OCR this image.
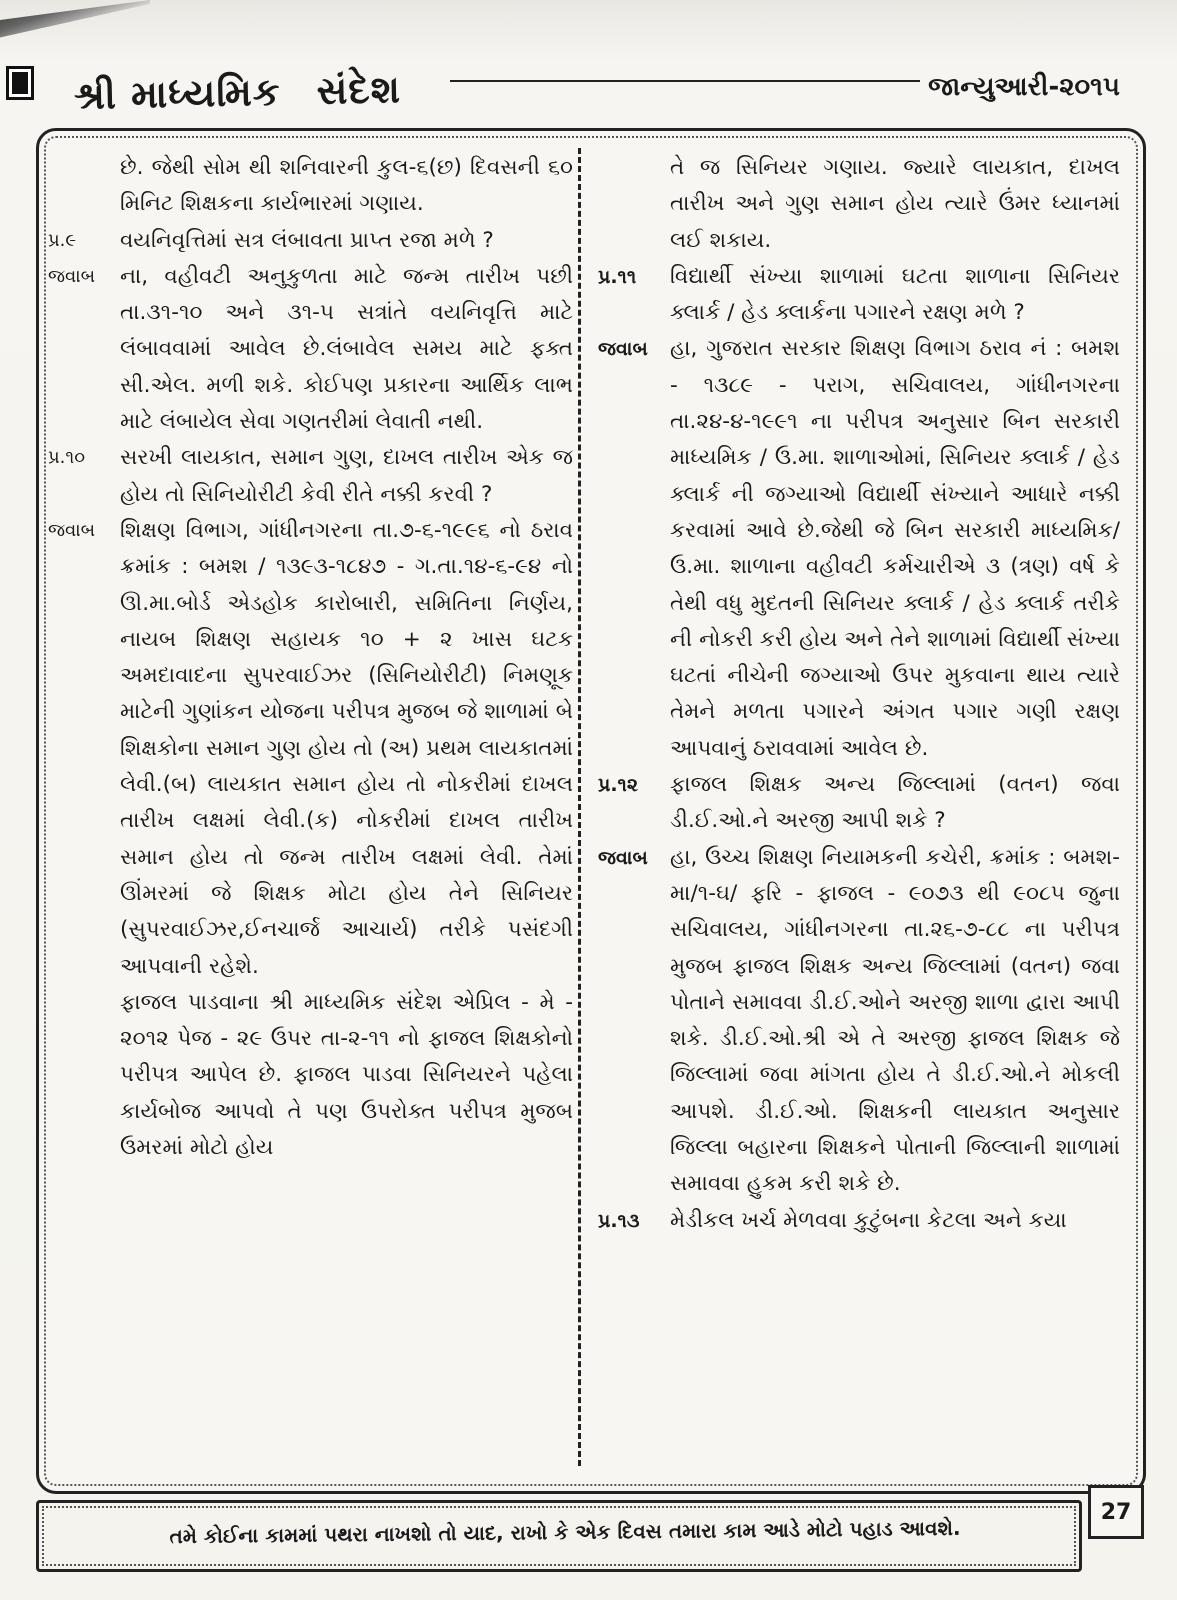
શ્રી માધ્યમિક સંદેશ	જાન્યુઆરી-૨૦૧૫
છે. જેથી સોમ થી શનિવારની કુલ-૬(છ) દિવસની ૬૦ મિનિટ શિક્ષકના કાર્યભારમાં ગણાય.
પ્ર.૯	વયનિવૃત્તિમાં સત્ર લંબાવતા પ્રાપ્ત રજા મળે ?
જવાબ	ના, વહીવટી અનુકુળતા માટે જન્મ તારીખ પછી તા.૩૧-૧૦ અને ૩૧-૫ સત્રાંતે વયનિવૃત્તિ માટે લંબાવવામાં આવેલ છે.લંબાવેલ સમય માટે ફક્ત સી.એલ. મળી શકે. કોઈપણ પ્રકારના આર્થિક લાભ માટે લંબાયેલ સેવા ગણતરીમાં લેવાતી નથી.
પ્ર.૧૦	સરખી લાયકાત, સમાન ગુણ, દાખલ તારીખ એક જ હોય તો સિનિયોરીટી કેવી રીતે નક્કી કરવી ?
જવાબ	શિક્ષણ વિભાગ, ગાંધીનગરના તા.૭-૬-૧૯૯૬ નો ઠરાવ ક્રમાંક : બમશ / ૧૩૯૩-૧૮૪૭ - ગ.તા.૧૪-૬-૯૪ નો ઊ.મા.બોર્ડ એડહોક કારોબારી, સમિતિના નિર્ણય, નાયબ શિક્ષણ સહાયક ૧૦ + ૨ ખાસ ઘટક અમદાવાદના સુપરવાઈઝર (સિનિયોરીટી) નિમણૂક માટેની ગુણાંકન યોજના પરીપત્ર મુજબ જે શાળામાં બે શિક્ષકોના સમાન ગુણ હોય તો (અ) પ્રથમ લાયકાતમાં લેવી.(બ) લાયકાત સમાન હોય તો નોકરીમાં દાખલ તારીખ લક્ષમાં લેવી.(ક) નોકરીમાં દાખલ તારીખ સમાન હોય તો જન્મ તારીખ લક્ષમાં લેવી. તેમાં ઊંમરમાં જે શિક્ષક મોટા હોય તેને સિનિયર (સુપરવાઈઝર,ઈનચાર્જ આચાર્ય) તરીકે પસંદગી આપવાની રહેશે.
ફાજલ પાડવાના શ્રી માધ્યમિક સંદેશ એપ્રિલ - મે - ૨૦૧૨ પેજ - ૨૯ ઉપર તા-૨-૧૧ નો ફાજલ શિક્ષકોનો પરીપત્ર આપેલ છે. ફાજલ પાડવા સિનિયરને પહેલા કાર્યબોજ આપવો તે પણ ઉપરોક્ત પરીપત્ર મુજબ ઉમરમાં મોટો હોય
તે જ સિનિયર ગણાય. જ્યારે લાયકાત, દાખલ તારીખ અને ગુણ સમાન હોય ત્યારે ઉંમર ધ્યાનમાં લઈ શકાય.
પ્ર.૧૧	વિદ્યાર્થી સંખ્યા શાળામાં ઘટતા શાળાના સિનિયર ક્લાર્ક / હેડ ક્લાર્કના પગારને રક્ષણ મળે ?
જવાબ	હા, ગુજરાત સરકાર શિક્ષણ વિભાગ ઠરાવ નં : બમશ - ૧૩૮૯ - પરાગ, સચિવાલય, ગાંધીનગરના તા.૨૪-૪-૧૯૯૧ ના પરીપત્ર અનુસાર બિન સરકારી માધ્યમિક / ઉ.મા. શાળાઓમાં, સિનિયર ક્લાર્ક / હેડ ક્લાર્ક ની જગ્યાઓ વિદ્યાર્થી સંખ્યાને આધારે નક્કી કરવામાં આવે છે.જેથી જે બિન સરકારી માધ્યમિક/ઉ.મા. શાળાના વહીવટી કર્મચારીએ ૩ (ત્રણ) વર્ષ કે તેથી વધુ મુદતની સિનિયર ક્લાર્ક / હેડ ક્લાર્ક તરીકે ની નોકરી કરી હોય અને તેને શાળામાં વિદ્યાર્થી સંખ્યા ઘટતાં નીચેની જગ્યાઓ ઉપર મુકવાના થાય ત્યારે તેમને મળતા પગારને અંગત પગાર ગણી રક્ષણ આપવાનું ઠરાવવામાં આવેલ છે.
પ્ર.૧૨	ફાજલ શિક્ષક અન્ય જિલ્લામાં (વતન) જવા ડી.ઈ.ઓ.ને અરજી આપી શકે ?
જવાબ	હા, ઉચ્ચ શિક્ષણ નિયામકની કચેરી, ક્રમાંક : બમશ-મા/૧-ઘ/ ફરિ - ફાજલ - ૯૦૭૩ થી ૯૦૮૫ જુના સચિવાલય, ગાંધીનગરના તા.૨૬-૭-૮૮ ના પરીપત્ર મુજબ ફાજલ શિક્ષક અન્ય જિલ્લામાં (વતન) જવા પોતાને સમાવવા ડી.ઈ.ઓને અરજી શાળા દ્વારા આપી શકે. ડી.ઈ.ઓ.શ્રી એ તે અરજી ફાજલ શિક્ષક જે જિલ્લામાં જવા માંગતા હોય તે ડી.ઈ.ઓ.ને મોકલી આપશે. ડી.ઈ.ઓ. શિક્ષકની લાયકાત અનુસાર જિલ્લા બહારના શિક્ષકને પોતાની જિલ્લાની શાળામાં સમાવવા હુકમ કરી શકે છે.
પ્ર.૧૩	મેડીકલ ખર્ચ મેળવવા કુટુંબના કેટલા અને કયા
તમે કોઈના કામમાં પથરા નાખશો તો યાદ, રાખો કે એક દિવસ તમારા કામ આડે મોટો પહાડ આવશે.
27
